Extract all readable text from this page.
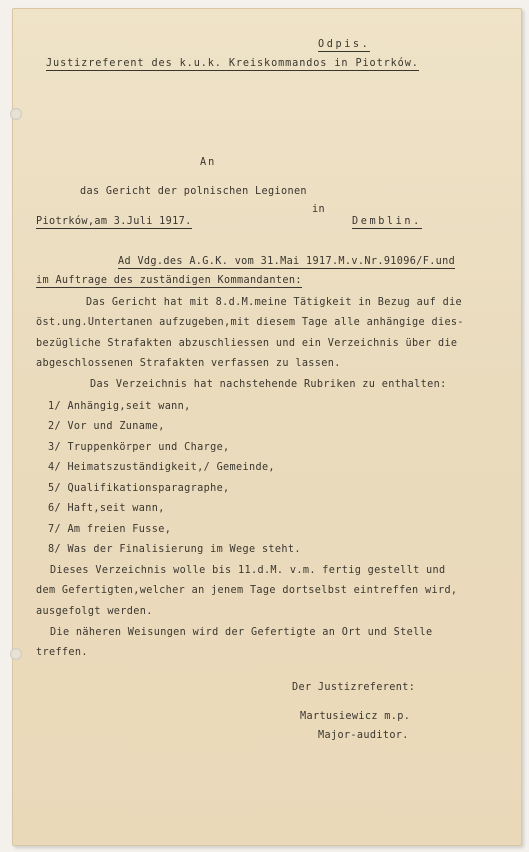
Odpis.
Justizreferent des k.u.k. Kreiskommandos in Piotrków.
An
das Gericht der polnischen Legionen
in
Piotrków,am 3.Juli 1917.	Demblin.
Ad Vdg.des A.G.K. vom 31.Mai 1917.M.v.Nr.91096/F.und
im Auftrage des zuständigen Kommandanten:
Das Gericht hat mit 8.d.M.meine Tätigkeit in Bezug auf die
öst.ung.Untertanen aufzugeben,mit diesem Tage alle anhängige dies-
bezügliche Strafakten abzuschliessen und ein Verzeichnis über die
abgeschlossenen Strafakten verfassen zu lassen.
Das Verzeichnis hat nachstehende Rubriken zu enthalten:
1/ Anhängig,seit wann,
2/ Vor und Zuname,
3/ Truppenkörper und Charge,
4/ Heimatszuständigkeit,/ Gemeinde,
5/ Qualifikationsparagraphe,
6/ Haft,seit wann,
7/ Am freien Fusse,
8/ Was der Finalisierung im Wege steht.
Dieses Verzeichnis wolle bis 11.d.M. v.m. fertig gestellt und
dem Gefertigten,welcher an jenem Tage dortselbst eintreffen wird,
ausgefolgt werden.
Die näheren Weisungen wird der Gefertigte an Ort und Stelle
treffen.
Der Justizreferent:
Martusiewicz m.p.
Major-auditor.
